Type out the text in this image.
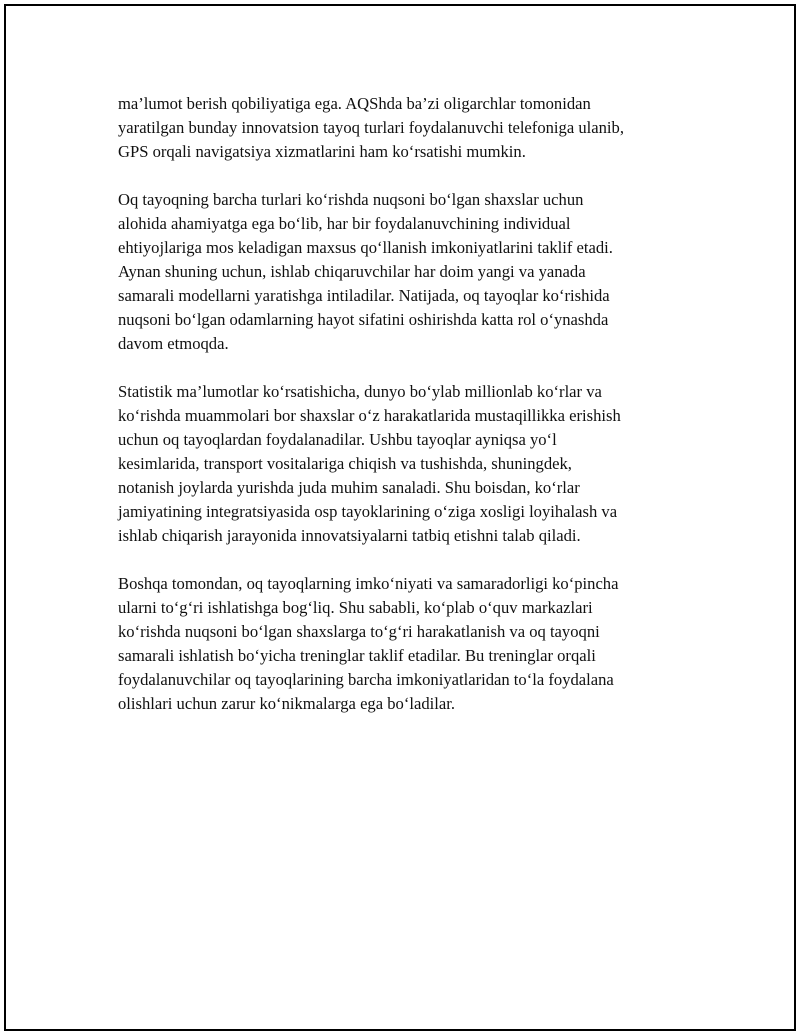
ma’lumot berish qobiliyatiga ega. AQShda ba’zi oligarchlar tomonidan
yaratilgan bunday innovatsion tayoq turlari foydalanuvchi telefoniga ulanib,
GPS orqali navigatsiya xizmatlarini ham ko‘rsatishi mumkin.

Oq tayoqning barcha turlari ko‘rishda nuqsoni bo‘lgan shaxslar uchun
alohida ahamiyatga ega bo‘lib, har bir foydalanuvchining individual
ehtiyojlariga mos keladigan maxsus qo‘llanish imkoniyatlarini taklif etadi.
Aynan shuning uchun, ishlab chiqaruvchilar har doim yangi va yanada
samarali modellarni yaratishga intiladilar. Natijada, oq tayoqlar ko‘rishida
nuqsoni bo‘lgan odamlarning hayot sifatini oshirishda katta rol o‘ynashda
davom etmoqda.

Statistik ma’lumotlar ko‘rsatishicha, dunyo bo‘ylab millionlab ko‘rlar va
ko‘rishda muammolari bor shaxslar o‘z harakatlarida mustaqillikka erishish
uchun oq tayoqlardan foydalanadilar. Ushbu tayoqlar ayniqsa yo‘l
kesimlarida, transport vositalariga chiqish va tushishda, shuningdek,
notanish joylarda yurishda juda muhim sanaladi. Shu boisdan, ko‘rlar
jamiyatining integratsiyasida osp tayoklarining o‘ziga xosligi loyihalash va
ishlab chiqarish jarayonida innovatsiyalarni tatbiq etishni talab qiladi.

Boshqa tomondan, oq tayoqlarning imko‘niyati va samaradorligi ko‘pincha
ularni to‘g‘ri ishlatishga bog‘liq. Shu sababli, ko‘plab o‘quv markazlari
ko‘rishda nuqsoni bo‘lgan shaxslarga to‘g‘ri harakatlanish va oq tayoqni
samarali ishlatish bo‘yicha treninglar taklif etadilar. Bu treninglar orqali
foydalanuvchilar oq tayoqlarining barcha imkoniyatlaridan to‘la foydalana
olishlari uchun zarur ko‘nikmalarga ega bo‘ladilar.
